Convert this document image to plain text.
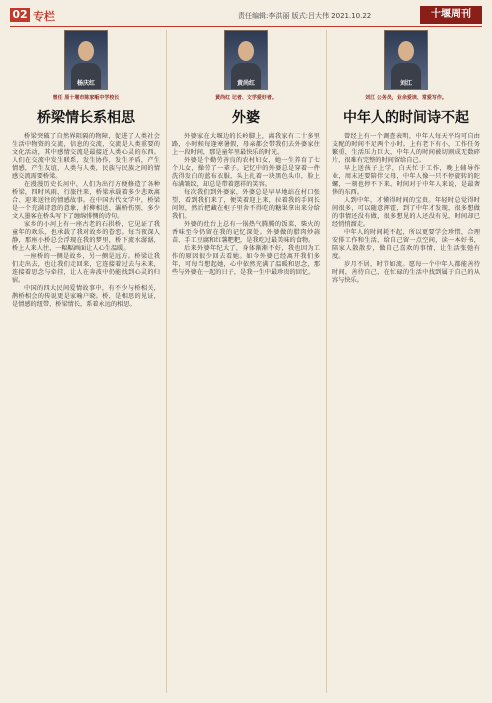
02 专栏	责任编辑:李洪丽 版式:吕大伟 2021.10.22	十堰周刊
杨庆红
曾任 原十堰市陈家畈中学校长
桥梁情长系相思

桥梁突破了自然界阻隔的物障，促进了人类社会生活中物资的交流，信息的交流，交流是人类重要的文化活动，其中感情交流是最接近人类心灵的东西。人们在交流中发生联系，发生协作，发生矛盾，产生情感，产生友谊，人类与人类，民族与民族之间的情感交流需要桥梁。

在漫漫历史长河中，人们为出行方便修造了各种桥梁，四时风雨，行旅往来，桥梁承载着多少悲欢离合、迎来送往的情感故事。在中国古代文学中，桥梁是一个充满诗意的意象，折柳相送、灞桥伤别，多少文人墨客在桥头写下了缠绵悱恻的诗句。

家乡的小河上有一座古老的石拱桥，它见证了我童年的欢乐，也承载了我对故乡的眷恋。每当夜深人静，那座小桥总会浮现在我的梦里，桥下流水潺潺，桥上人来人往，一幅幅画面让人心生温暖。

一座桥的一侧是故乡，另一侧是远方。桥梁让我们走出去，也让我们走回来，它连接着过去与未来，连接着思念与牵挂，让人在奔波中仍能找到心灵的归宿。

中国的四大民间爱情故事中，有不少与桥相关，鹊桥相会的传说更是家喻户晓。桥，是相思的见证，是情感的纽带，桥梁情长，系着永远的相思。

黄尚红
黄尚红 记者、文学爱好者。
外婆

外婆家在大堰边的长岭脚上，离我家有二十多里路，小时候每逢寒暑假，母亲都会带我们去外婆家住上一段时间，那是童年里最快乐的时光。

外婆是个勤劳善良的农村妇女，她一生养育了七个儿女，操劳了一辈子。记忆中的外婆总是穿着一件洗得发白的蓝布衣服，头上扎着一块黑色头巾，脸上布满皱纹，却总是带着慈祥的笑容。

每次我们到外婆家，外婆总是早早地站在村口张望，看到我们来了，便笑着迎上来，拉着我的手问长问短，然后把藏在柜子里舍不得吃的糖果拿出来分给我们。

外婆的灶台上总有一锅热气腾腾的饭菜，柴火的香味至今仍留在我的记忆深处。外婆做的腊肉炒蒜苗、手工豆腐和红薯粑粑，是我吃过最美味的食物。

后来外婆年纪大了，身体渐渐不好，我也因为工作的原因很少回去看她。如今外婆已经离开我们多年，可每当想起她，心中依然充满了温暖和思念，那些与外婆在一起的日子，是我一生中最珍贵的回忆。

刘江
刘江 公务员，业余爱读、常爱写作。
中年人的时间诗不起

曾经上有一个调查表明，中年人每天平均可自由支配的时间不足两个小时。上有老下有小，工作任务繁重，生活压力巨大，中年人的时间被切割成无数碎片，很难有完整的时间留给自己。

早上送孩子上学，白天忙于工作，晚上辅导作业，周末还要陪伴父母，中年人像一只不停旋转的陀螺，一刻也停不下来。时间对于中年人来说，是最奢侈的东西。

人到中年，才懂得时间的宝贵。年轻时总觉得时间很多，可以随意挥霍，到了中年才发现，很多想做的事情还没有做，很多想见的人还没有见，时间却已经悄悄溜走。

中年人的时间耗不起，所以更要学会珍惜，合理安排工作和生活，给自己留一点空间，读一本好书，陪家人散散步，做自己喜欢的事情，让生活张弛有度。

岁月不居，时节如流。愿每一个中年人都能善待时间，善待自己，在忙碌的生活中找到属于自己的从容与快乐。
